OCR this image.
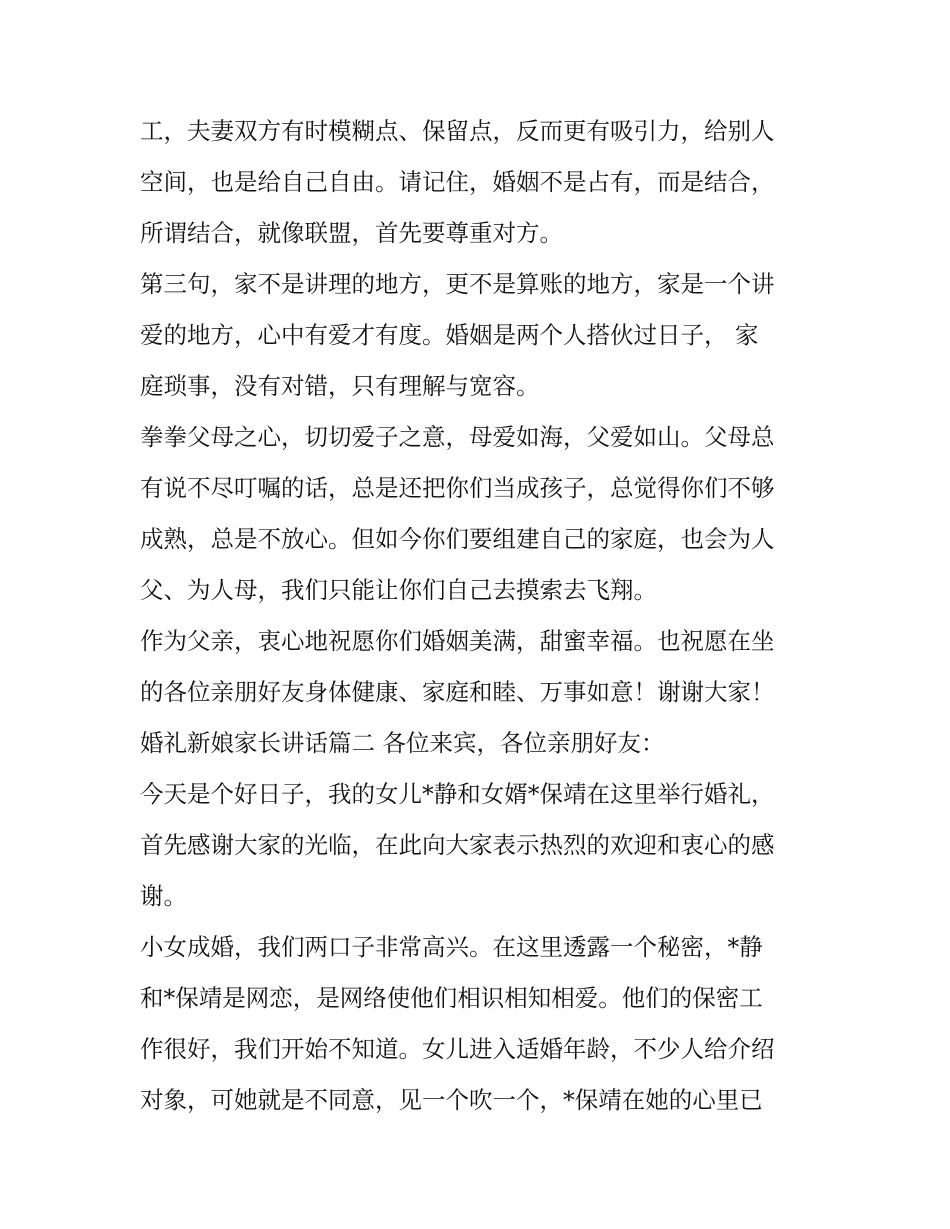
工，夫妻双方有时模糊点、保留点，反而更有吸引力，给别人
空间，也是给自己自由。请记住，婚姻不是占有，而是结合，
所谓结合，就像联盟，首先要尊重对方。
第三句，家不是讲理的地方，更不是算账的地方，家是一个讲
爱的地方，心中有爱才有度。婚姻是两个人搭伙过日子， 家
庭琐事，没有对错，只有理解与宽容。
拳拳父母之心，切切爱子之意，母爱如海，父爱如山。父母总
有说不尽叮嘱的话，总是还把你们当成孩子，总觉得你们不够
成熟，总是不放心。但如今你们要组建自己的家庭，也会为人
父、为人母，我们只能让你们自己去摸索去飞翔。
作为父亲，衷心地祝愿你们婚姻美满，甜蜜幸福。也祝愿在坐
的各位亲朋好友身体健康、家庭和睦、万事如意！谢谢大家！
婚礼新娘家长讲话篇二 各位来宾，各位亲朋好友：
今天是个好日子，我的女儿*静和女婿*保靖在这里举行婚礼，
首先感谢大家的光临，在此向大家表示热烈的欢迎和衷心的感
谢。
小女成婚，我们两口子非常高兴。在这里透露一个秘密，*静
和*保靖是网恋，是网络使他们相识相知相爱。他们的保密工
作很好，我们开始不知道。女儿进入适婚年龄，不少人给介绍
对象，可她就是不同意，见一个吹一个，*保靖在她的心里已
